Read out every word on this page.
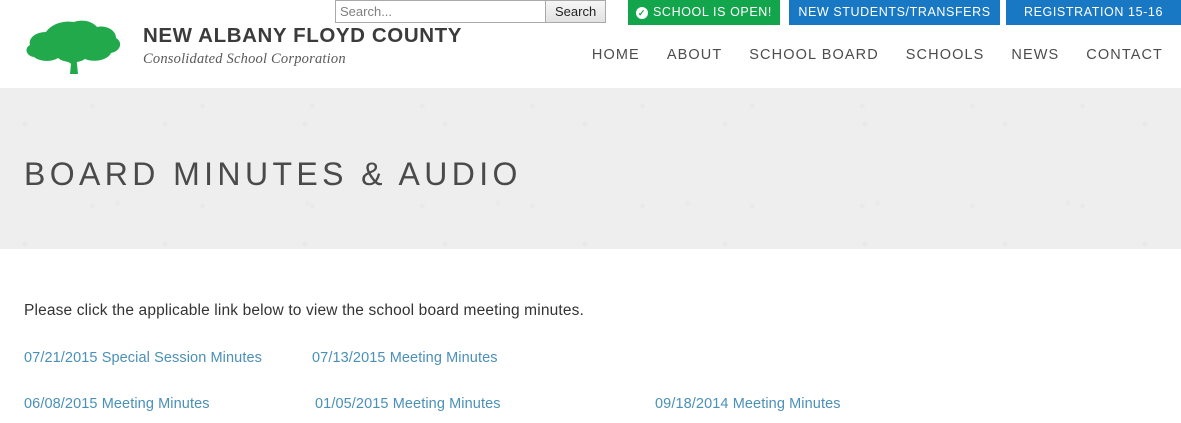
NEW ALBANY FLOYD COUNTY
Consolidated School Corporation	HOME ABOUT SCHOOL BOARD SCHOOLS NEWS CONTACT
Search...
Search	✓ SCHOOL IS OPEN!	NEW STUDENTS/TRANSFERS	REGISTRATION 15-16
BOARD MINUTES & AUDIO
Please click the applicable link below to view the school board meeting minutes.
07/21/2015 Special Session Minutes	07/13/2015 Meeting Minutes
06/08/2015 Meeting Minutes	01/05/2015 Meeting Minutes	09/18/2014 Meeting Minutes
